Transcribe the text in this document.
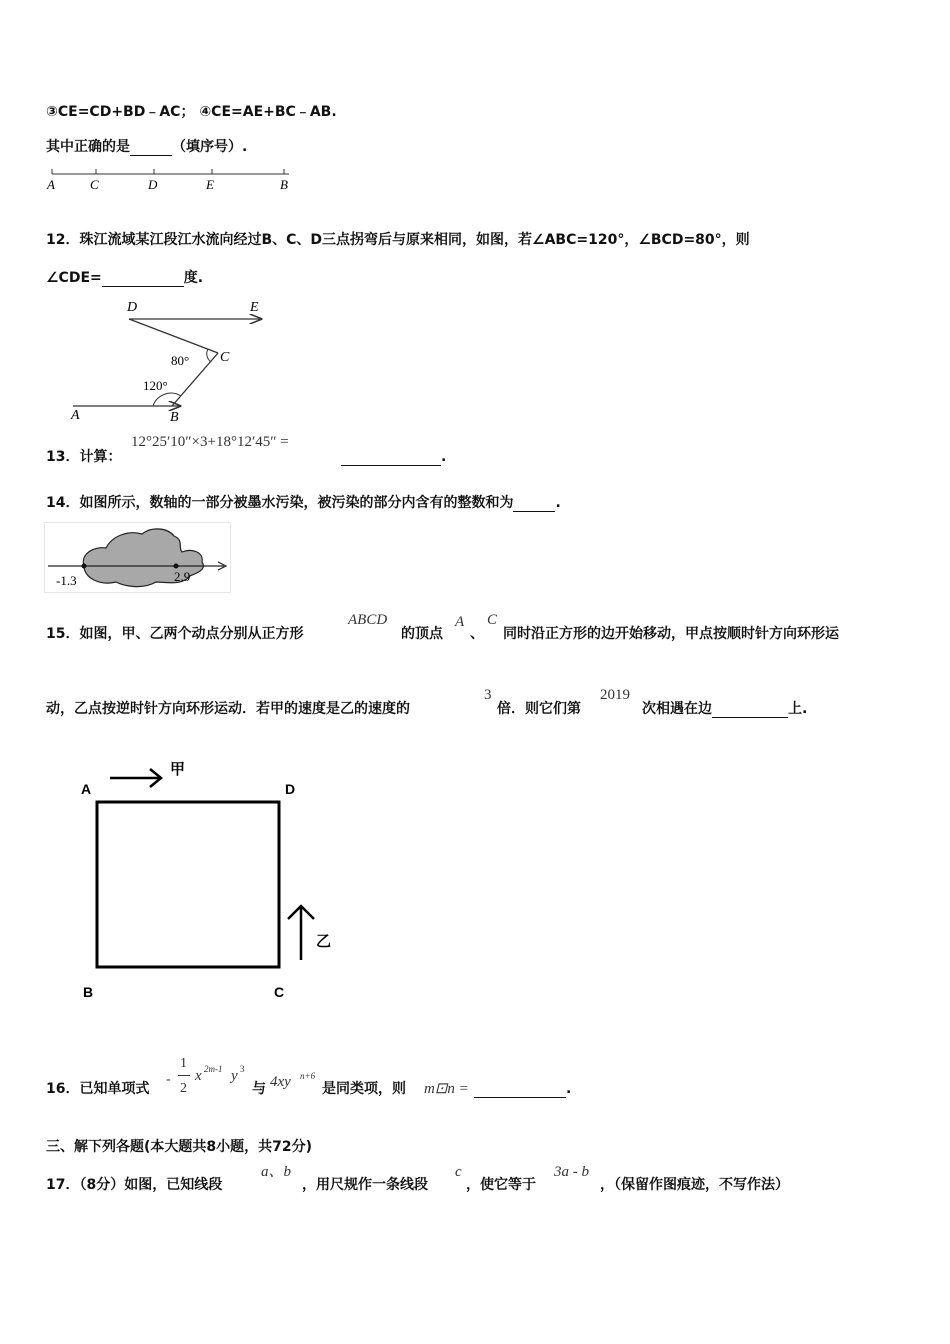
③CE=CD+BD﹣AC； ④CE=AE+BC﹣AB.
其中正确的是	（填序号）.
A	C	D	E	B
12．珠江流域某江段江水流向经过B、C、D三点拐弯后与原来相同，如图，若∠ABC=120°，∠BCD=80°，则
∠CDE=	度.
D	E
C
A	B
80°
120°
13．计算：
12°25′10″×3+18°12′45″ =
.
14．如图所示，数轴的一部分被墨水污染，被污染的部分内含有的整数和为	.
-1.3	2.9
15．如图，甲、乙两个动点分别从正方形
ABCD
的顶点
A
、
C
同时沿正方形的边开始移动，甲点按顺时针方向环形运
动，乙点按逆时针方向环形运动．若甲的速度是乙的速度的
3
倍．则它们第
2019
次相遇在边	上.
A	D
B	C
甲
乙
16．已知单项式
-
1
2
x 2m-1 y 3
与 4xy n+6
是同类项，则 m⊡n =	.
三、解下列各题(本大题共8小题，共72分)
17．（8分）如图，已知线段
a、b
，用尺规作一条线段
c
，使它等于
3a - b
，（保留作图痕迹，不写作法）
